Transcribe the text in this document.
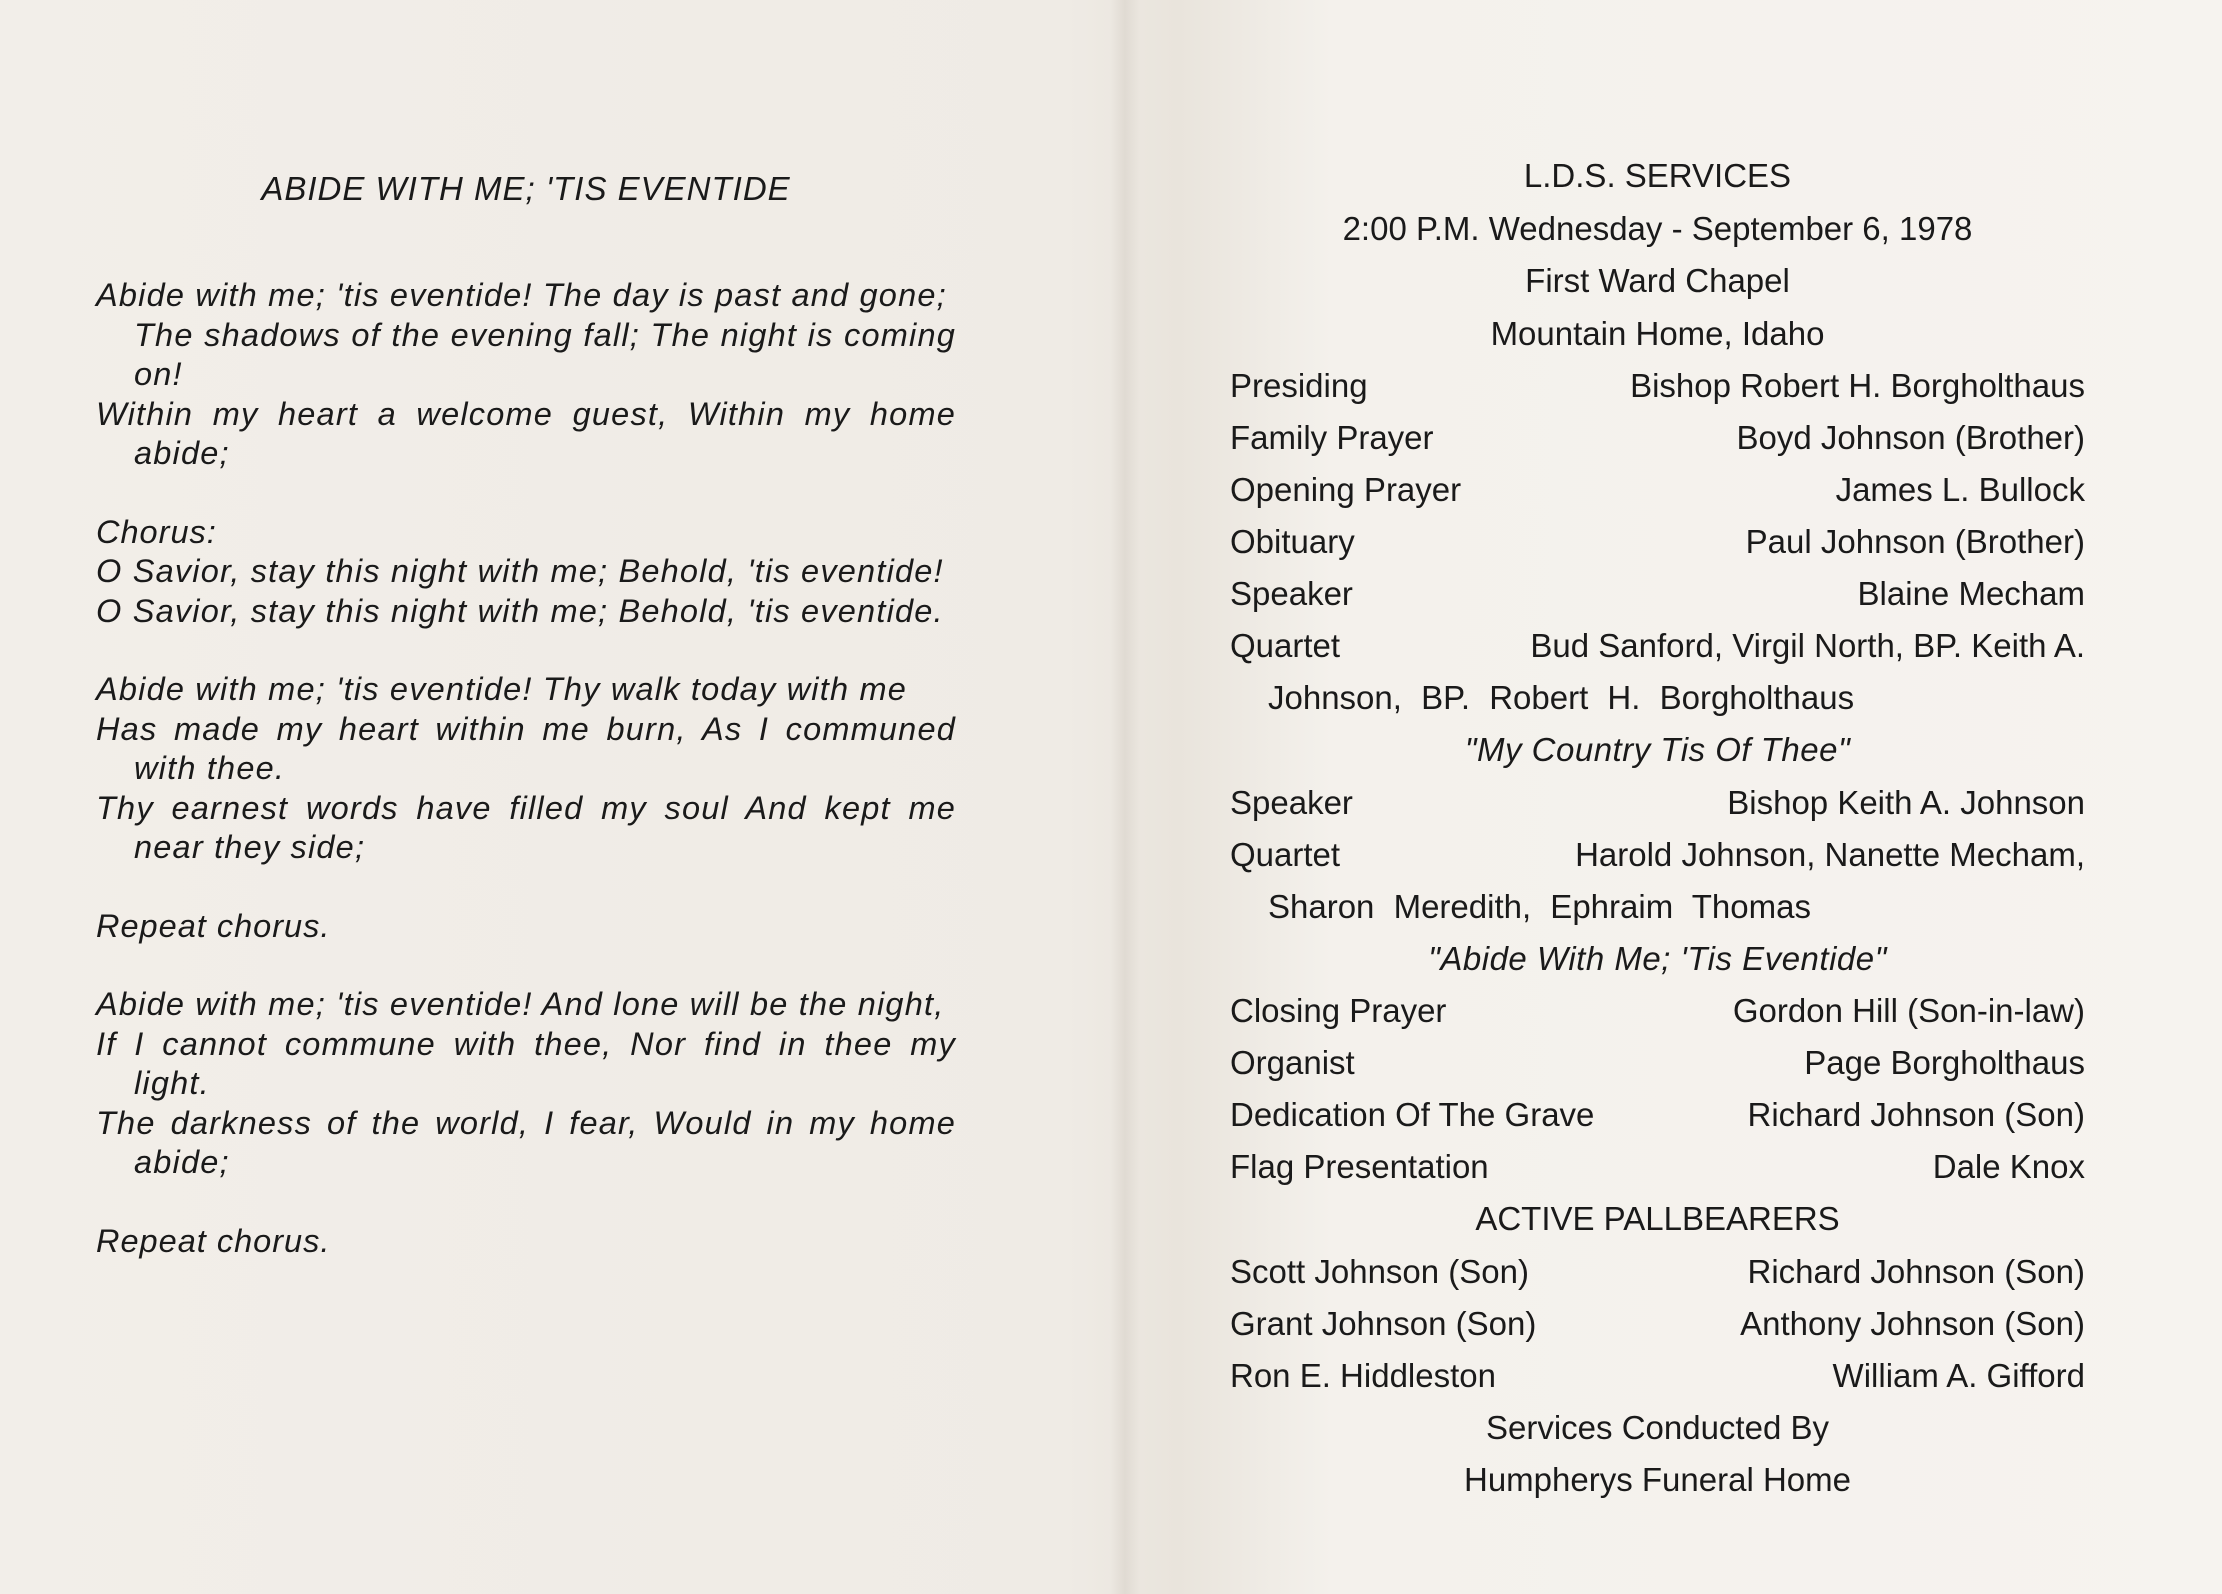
ABIDE WITH ME; 'TIS EVENTIDE
Abide with me; 'tis eventide! The day is past and gone;
The shadows of the evening fall; The night is coming on!
Within my heart a welcome guest, Within my home abide;
Chorus:
O Savior, stay this night with me; Behold, 'tis eventide!
O Savior, stay this night with me; Behold, 'tis eventide.
Abide with me; 'tis eventide! Thy walk today with me
Has made my heart within me burn, As I communed with thee.
Thy earnest words have filled my soul And kept me near they side;
Repeat chorus.
Abide with me; 'tis eventide! And lone will be the night,
If I cannot commune with thee, Nor find in thee my light.
The darkness of the world, I fear, Would in my home abide;
Repeat chorus.
L.D.S. SERVICES
2:00 P.M. Wednesday - September 6, 1978
First Ward Chapel
Mountain Home, Idaho
Presiding	Bishop Robert H. Borgholthaus
Family Prayer	Boyd Johnson (Brother)
Opening Prayer	James L. Bullock
Obituary	Paul Johnson (Brother)
Speaker	Blaine Mecham
Quartet	Bud Sanford, Virgil North, BP. Keith A.
Johnson, BP. Robert H. Borgholthaus
"My Country Tis Of Thee"
Speaker	Bishop Keith A. Johnson
Quartet	Harold Johnson, Nanette Mecham,
Sharon Meredith, Ephraim Thomas
"Abide With Me; 'Tis Eventide"
Closing Prayer	Gordon Hill (Son-in-law)
Organist	Page Borgholthaus
Dedication Of The Grave	Richard Johnson (Son)
Flag Presentation	Dale Knox
ACTIVE PALLBEARERS
Scott Johnson (Son)	Richard Johnson (Son)
Grant Johnson (Son)	Anthony Johnson (Son)
Ron E. Hiddleston	William A. Gifford
Services Conducted By
Humpherys Funeral Home
